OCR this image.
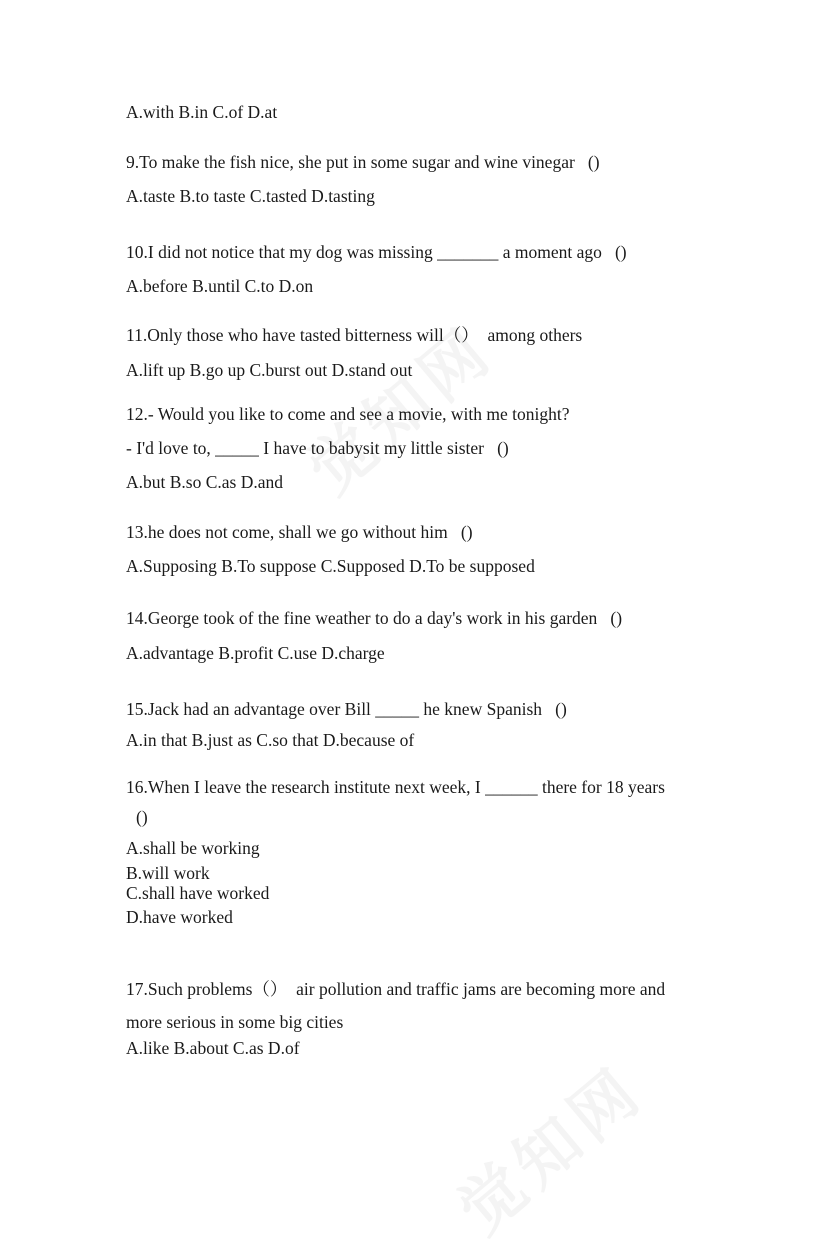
A.with B.in C.of D.at
9.To make the fish nice, she put in some sugar and wine vinegar   ()
A.taste B.to taste C.tasted D.tasting
10.I did not notice that my dog was missing _______ a moment ago   ()
A.before B.until C.to D.on
11.Only those who have tasted bitterness will（）  among others
A.lift up B.go up C.burst out D.stand out
12.- Would you like to come and see a movie, with me tonight?
- I'd love to, _____ I have to babysit my little sister   ()
A.but B.so C.as D.and
13.he does not come, shall we go without him   ()
A.Supposing B.To suppose C.Supposed D.To be supposed
14.George took of the fine weather to do a day's work in his garden   ()
A.advantage B.profit C.use D.charge
15.Jack had an advantage over Bill _____ he knew Spanish   ()
A.in that B.just as C.so that D.because of
16.When I leave the research institute next week, I ______ there for 18 years
()
A.shall be working
B.will work
C.shall have worked
D.have worked
17.Such problems（）  air pollution and traffic jams are becoming more and
more serious in some big cities
A.like B.about C.as D.of
